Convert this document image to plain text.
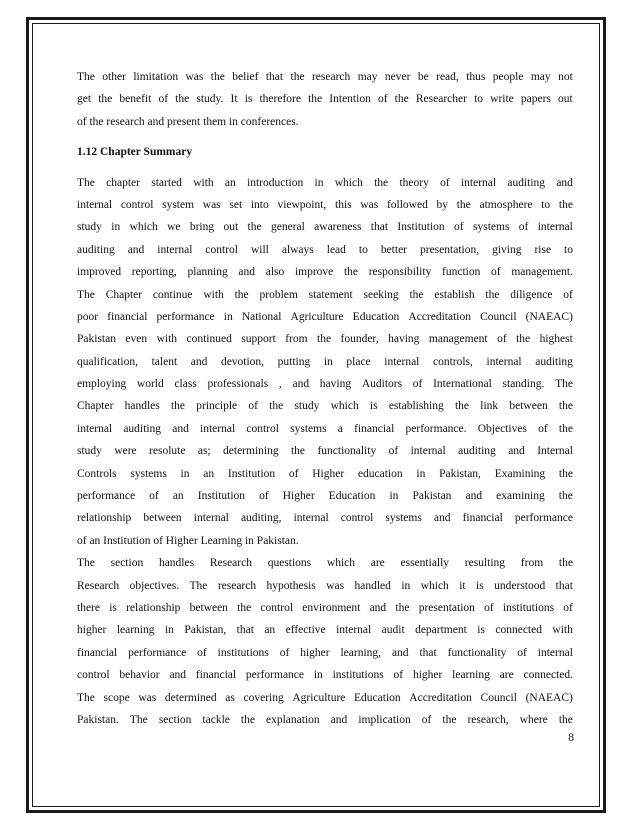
The other limitation was the belief that the research may never be read, thus people may not
get the benefit of the study. It is therefore the Intention of the Researcher to write papers out
of the research and present them in conferences.
1.12 Chapter Summary
The chapter started with an introduction in which the theory of internal auditing and
internal control system was set into viewpoint, this was followed by the atmosphere to the
study in which we bring out the general awareness that Institution of systems of internal
auditing and internal control will always lead to better presentation, giving rise to
improved reporting, planning and also improve the responsibility function of management.
The Chapter continue with the problem statement seeking the establish the diligence of
poor financial performance in National Agriculture Education Accreditation Council (NAEAC)
Pakistan even with continued support from the founder, having management of the highest
qualification, talent and devotion, putting in place internal controls, internal auditing
employing world class professionals , and having Auditors of International standing. The
Chapter handles the principle of the study which is establishing the link between the
internal auditing and internal control systems a financial performance. Objectives of the
study were resolute as; determining the functionality of internal auditing and Internal
Controls systems in an Institution of Higher education in Pakistan, Examining the
performance of an Institution of Higher Education in Pakistan and examining the
relationship between internal auditing, internal control systems and financial performance
of an Institution of Higher Learning in Pakistan.
The section handles Research questions which are essentially resulting from the
Research objectives. The research hypothesis was handled in which it is understood that
there is relationship between the control environment and the presentation of institutions of
higher learning in Pakistan, that an effective internal audit department is connected with
financial performance of institutions of higher learning, and that functionality of internal
control behavior and financial performance in institutions of higher learning are connected.
The scope was determined as covering Agriculture Education Accreditation Council (NAEAC)
Pakistan. The section tackle the explanation and implication of the research, where the
8
